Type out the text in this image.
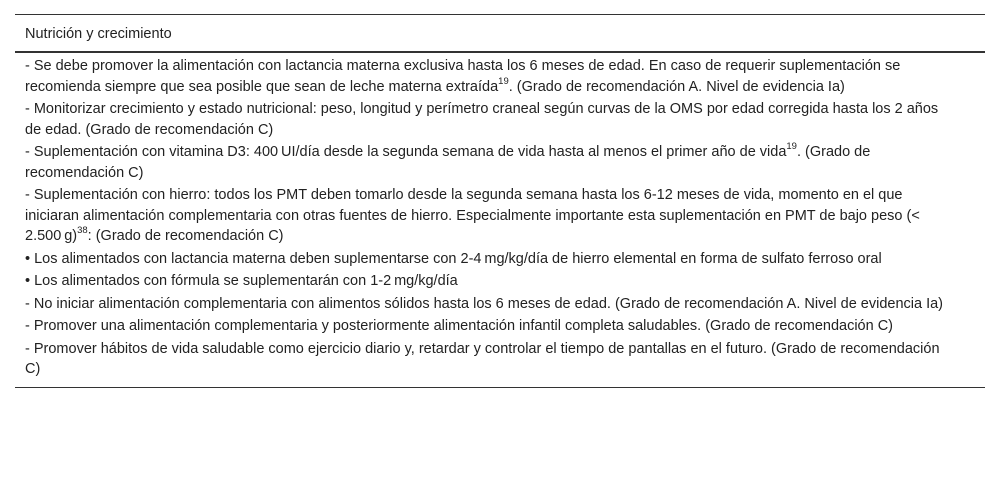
Nutrición y crecimiento
- Se debe promover la alimentación con lactancia materna exclusiva hasta los 6 meses de edad. En caso de requerir suplementación se recomienda siempre que sea posible que sean de leche materna extraída$^{19}$. (Grado de recomendación A. Nivel de evidencia Ia)
- Monitorizar crecimiento y estado nutricional: peso, longitud y perímetro craneal según curvas de la OMS por edad corregida hasta los 2 años de edad. (Grado de recomendación C)
- Suplementación con vitamina D3: 400 UI/día desde la segunda semana de vida hasta al menos el primer año de vida$^{19}$. (Grado de recomendación C)
- Suplementación con hierro: todos los PMT deben tomarlo desde la segunda semana hasta los 6-12 meses de vida, momento en el que iniciaran alimentación complementaria con otras fuentes de hierro. Especialmente importante esta suplementación en PMT de bajo peso (< 2.500 g)$^{38}$: (Grado de recomendación C)
• Los alimentados con lactancia materna deben suplementarse con 2-4 mg/kg/día de hierro elemental en forma de sulfato ferroso oral
• Los alimentados con fórmula se suplementarán con 1-2 mg/kg/día
- No iniciar alimentación complementaria con alimentos sólidos hasta los 6 meses de edad. (Grado de recomendación A. Nivel de evidencia Ia)
- Promover una alimentación complementaria y posteriormente alimentación infantil completa saludables. (Grado de recomendación C)
- Promover hábitos de vida saludable como ejercicio diario y, retardar y controlar el tiempo de pantallas en el futuro. (Grado de recomendación C)
